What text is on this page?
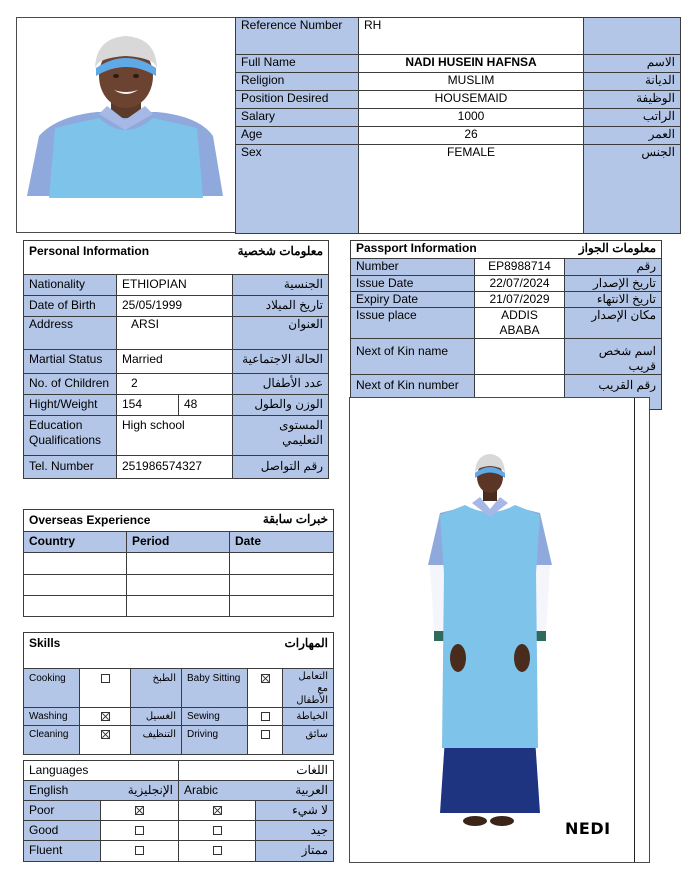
Reference Number	RH	
Full Name	NADI HUSEIN HAFNSA	الاسم
Religion	MUSLIM	الديانة
Position Desired	HOUSEMAID	الوظيفة
Salary	1000	الراتب
Age	26	العمر
Sex	FEMALE	الجنس
Personal Information		معلومات شخصية	
Nationality	ETHIOPIAN		الجنسية
Date of Birth	25/05/1999		تاريخ الميلاد
Address	ARSI		العنوان
Martial Status	Married		الحالة الاجتماعية
No. of Children	2		عدد الأطفال
Hight/Weight	154	48	الوزن والطول
Education Qualifications	High school		المستوى التعليمي
Tel. Number	251986574327		رقم التواصل
Passport Information		معلومات الجواز
Number	EP8988714	رقم
Issue Date	22/07/2024	تاريخ الإصدار
Expiry Date	21/07/2029	تاريخ الانتهاء
Issue place	ADDIS ABABA	مكان الإصدار
Next of Kin name		اسم شخص قريب
Next of Kin number		رقم القريب
NEDI
Overseas Experience		خبرات سابقة
Country	Period	Date

Skills			المهارات		
Cooking		الطبخ	Baby Sitting		التعامل مع الأطفال
Washing		الغسيل	Sewing		الخياطة
Cleaning		التنظيف	Driving		سائق
Languages		اللغات	
English	الإنجليزية	Arabic	العربية
Poor			لا شيء
Good			جيد
Fluent			ممتاز
